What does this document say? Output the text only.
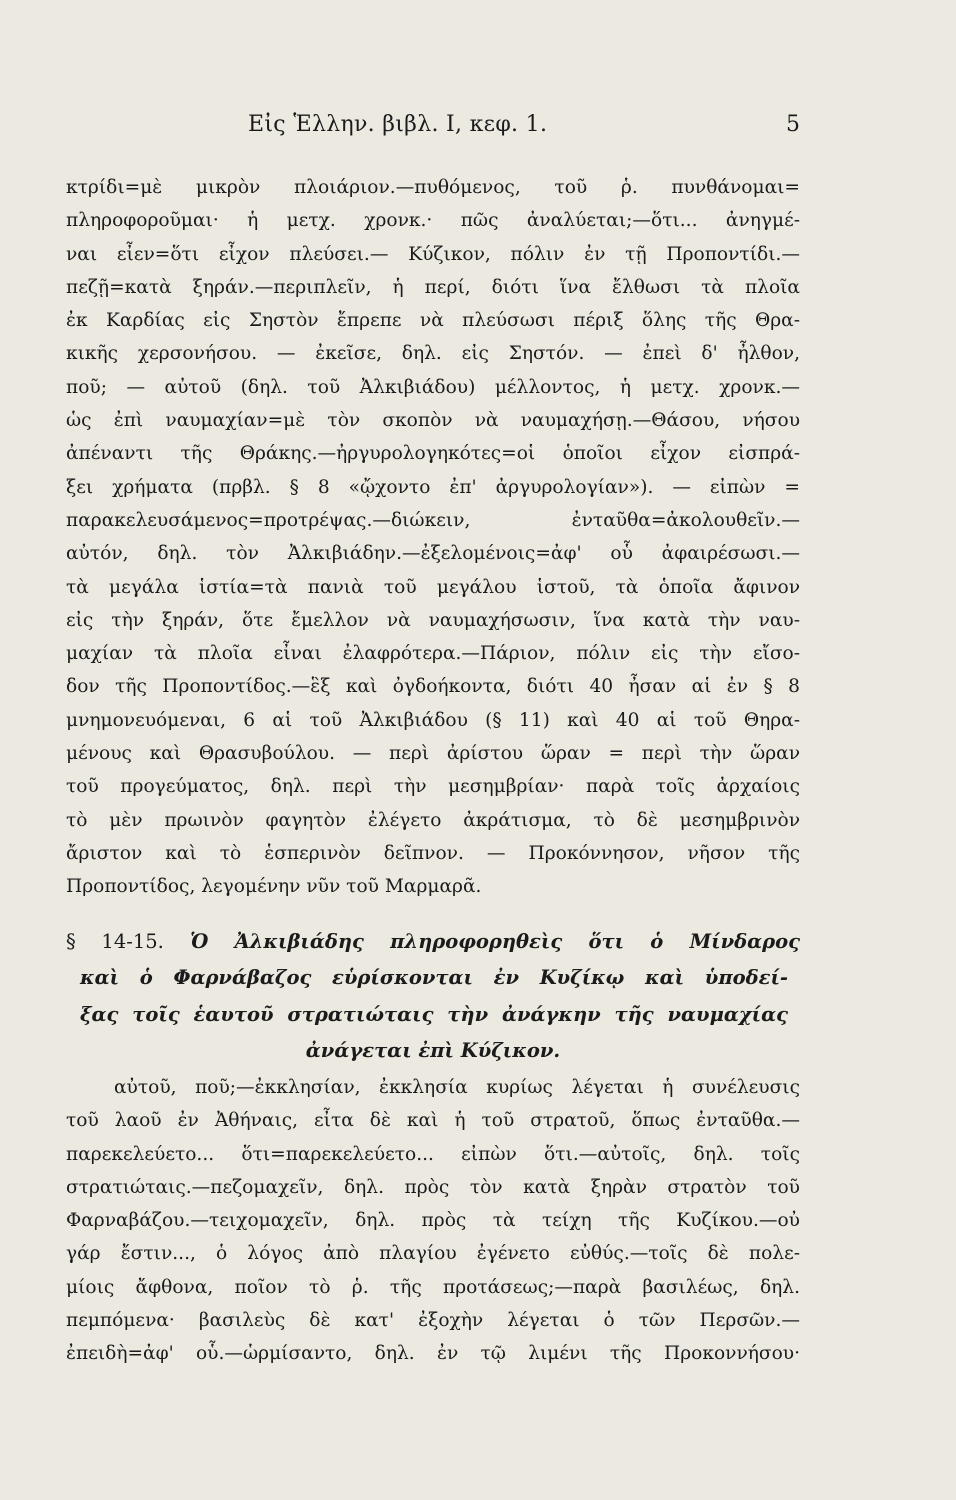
Εἰς Ἑλλην. βιβλ. Ι, κεφ. 1.	5
κτρίδι=μὲ μικρὸν πλοιάριον.—πυθόμενος, τοῦ ῥ. πυνθάνομαι=
πληροφοροῦμαι· ἡ μετχ. χρονκ.· πῶς ἀναλύεται;—ὅτι... ἀνηγμέ-
ναι εἶεν=ὅτι εἶχον πλεύσει.— Κύζικον, πόλιν ἐν τῇ Προποντίδι.—
πεζῇ=κατὰ ξηράν.—περιπλεῖν, ἡ περί, διότι ἵνα ἔλθωσι τὰ πλοῖα
ἐκ Καρδίας εἰς Σηστὸν ἔπρεπε νὰ πλεύσωσι πέριξ ὅλης τῆς Θρα-
κικῆς χερσονήσου. — ἐκεῖσε, δηλ. εἰς Σηστόν. — ἐπεὶ δ' ἦλθον,
ποῦ; — αὐτοῦ (δηλ. τοῦ Ἀλκιβιάδου) μέλλοντος, ἡ μετχ. χρονκ.—
ὡς ἐπὶ ναυμαχίαν=μὲ τὸν σκοπὸν νὰ ναυμαχήσῃ.—Θάσου, νήσου
ἀπέναντι τῆς Θράκης.—ἠργυρολογηκότες=οἱ ὁποῖοι εἶχον εἰσπρά-
ξει χρήματα (πρβλ. § 8 «ᾤχοντο ἐπ' ἀργυρολογίαν»). — εἰπὼν =
παρακελευσάμενος=προτρέψας.—διώκειν, ἐνταῦθα=ἀκολουθεῖν.—
αὐτόν, δηλ. τὸν Ἀλκιβιάδην.—ἐξελομένοις=ἀφ' οὗ ἀφαιρέσωσι.—
τὰ μεγάλα ἱστία=τὰ πανιὰ τοῦ μεγάλου ἱστοῦ, τὰ ὁποῖα ἄφινον
εἰς τὴν ξηράν, ὅτε ἔμελλον νὰ ναυμαχήσωσιν, ἵνα κατὰ τὴν ναυ-
μαχίαν τὰ πλοῖα εἶναι ἐλαφρότερα.—Πάριον, πόλιν εἰς τὴν εἴσο-
δον τῆς Προποντίδος.—ἓξ καὶ ὀγδοήκοντα, διότι 40 ἦσαν αἱ ἐν § 8
μνημονευόμεναι, 6 αἱ τοῦ Ἀλκιβιάδου (§ 11) καὶ 40 αἱ τοῦ Θηρα-
μένους καὶ Θρασυβούλου. — περὶ ἀρίστου ὥραν = περὶ τὴν ὥραν
τοῦ προγεύματος, δηλ. περὶ τὴν μεσημβρίαν· παρὰ τοῖς ἀρχαίοις
τὸ μὲν πρωινὸν φαγητὸν ἐλέγετο ἀκράτισμα, τὸ δὲ μεσημβρινὸν
ἄριστον καὶ τὸ ἑσπερινὸν δεῖπνον. — Προκόννησον, νῆσον τῆς
Προποντίδος, λεγομένην νῦν τοῦ Μαρμαρᾶ.
§ 14-15. Ὁ Ἀλκιβιάδης πληροφορηθεὶς ὅτι ὁ Μίνδαρος
καὶ ὁ Φαρνάβαζος εὑρίσκονται ἐν Κυζίκῳ καὶ ὑποδεί-
ξας τοῖς ἑαυτοῦ στρατιώταις τὴν ἀνάγκην τῆς ναυμαχίας
ἀνάγεται ἐπὶ Κύζικον.
αὐτοῦ, ποῦ;—ἐκκλησίαν, ἐκκλησία κυρίως λέγεται ἡ συνέλευσις
τοῦ λαοῦ ἐν Ἀθήναις, εἶτα δὲ καὶ ἡ τοῦ στρατοῦ, ὅπως ἐνταῦθα.—
παρεκελεύετο... ὅτι=παρεκελεύετο... εἰπὼν ὅτι.—αὐτοῖς, δηλ. τοῖς
στρατιώταις.—πεζομαχεῖν, δηλ. πρὸς τὸν κατὰ ξηρὰν στρατὸν τοῦ
Φαρναβάζου.—τειχομαχεῖν, δηλ. πρὸς τὰ τείχη τῆς Κυζίκου.—οὐ
γάρ ἔστιν..., ὁ λόγος ἀπὸ πλαγίου ἐγένετο εὐθύς.—τοῖς δὲ πολε-
μίοις ἄφθονα, ποῖον τὸ ῥ. τῆς προτάσεως;—παρὰ βασιλέως, δηλ.
πεμπόμενα· βασιλεὺς δὲ κατ' ἐξοχὴν λέγεται ὁ τῶν Περσῶν.—
ἐπειδὴ=ἀφ' οὗ.—ὡρμίσαντο, δηλ. ἐν τῷ λιμένι τῆς Προκοννήσου·
